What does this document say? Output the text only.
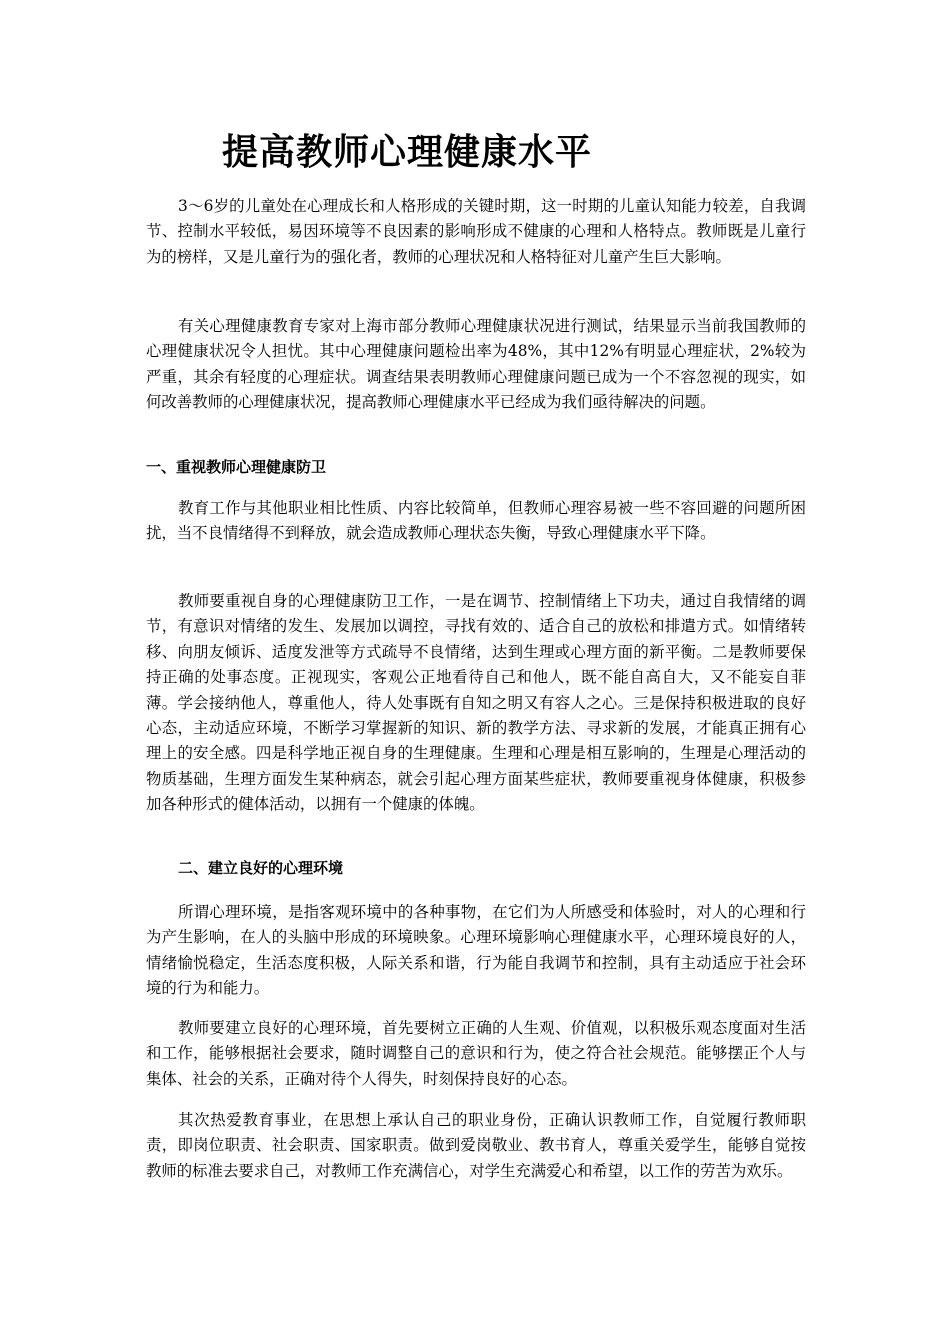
提高教师心理健康水平

3～6岁的儿童处在心理成长和人格形成的关键时期，这一时期的儿童认知能力较差，自我调节、控制水平较低，易因环境等不良因素的影响形成不健康的心理和人格特点。教师既是儿童行为的榜样，又是儿童行为的强化者，教师的心理状况和人格特征对儿童产生巨大影响。

有关心理健康教育专家对上海市部分教师心理健康状况进行测试，结果显示当前我国教师的心理健康状况令人担忧。其中心理健康问题检出率为48%，其中12%有明显心理症状，2%较为严重，其余有轻度的心理症状。调查结果表明教师心理健康问题已成为一个不容忽视的现实，如何改善教师的心理健康状况，提高教师心理健康水平已经成为我们亟待解决的问题。

一、重视教师心理健康防卫

教育工作与其他职业相比性质、内容比较简单，但教师心理容易被一些不容回避的问题所困扰，当不良情绪得不到释放，就会造成教师心理状态失衡，导致心理健康水平下降。

教师要重视自身的心理健康防卫工作，一是在调节、控制情绪上下功夫，通过自我情绪的调节，有意识对情绪的发生、发展加以调控，寻找有效的、适合自己的放松和排遣方式。如情绪转移、向朋友倾诉、适度发泄等方式疏导不良情绪，达到生理或心理方面的新平衡。二是教师要保持正确的处事态度。正视现实，客观公正地看待自己和他人，既不能自高自大，又不能妄自菲薄。学会接纳他人，尊重他人，待人处事既有自知之明又有容人之心。三是保持积极进取的良好心态，主动适应环境，不断学习掌握新的知识、新的教学方法、寻求新的发展，才能真正拥有心理上的安全感。四是科学地正视自身的生理健康。生理和心理是相互影响的，生理是心理活动的物质基础，生理方面发生某种病态，就会引起心理方面某些症状，教师要重视身体健康，积极参加各种形式的健体活动，以拥有一个健康的体魄。

二、建立良好的心理环境

所谓心理环境，是指客观环境中的各种事物，在它们为人所感受和体验时，对人的心理和行为产生影响，在人的头脑中形成的环境映象。心理环境影响心理健康水平，心理环境良好的人，情绪愉悦稳定，生活态度积极，人际关系和谐，行为能自我调节和控制，具有主动适应于社会环境的行为和能力。

教师要建立良好的心理环境，首先要树立正确的人生观、价值观，以积极乐观态度面对生活和工作，能够根据社会要求，随时调整自己的意识和行为，使之符合社会规范。能够摆正个人与集体、社会的关系，正确对待个人得失，时刻保持良好的心态。

其次热爱教育事业，在思想上承认自己的职业身份，正确认识教师工作，自觉履行教师职责，即岗位职责、社会职责、国家职责。做到爱岗敬业、教书育人，尊重关爱学生，能够自觉按教师的标准去要求自己，对教师工作充满信心，对学生充满爱心和希望，以工作的劳苦为欢乐。
